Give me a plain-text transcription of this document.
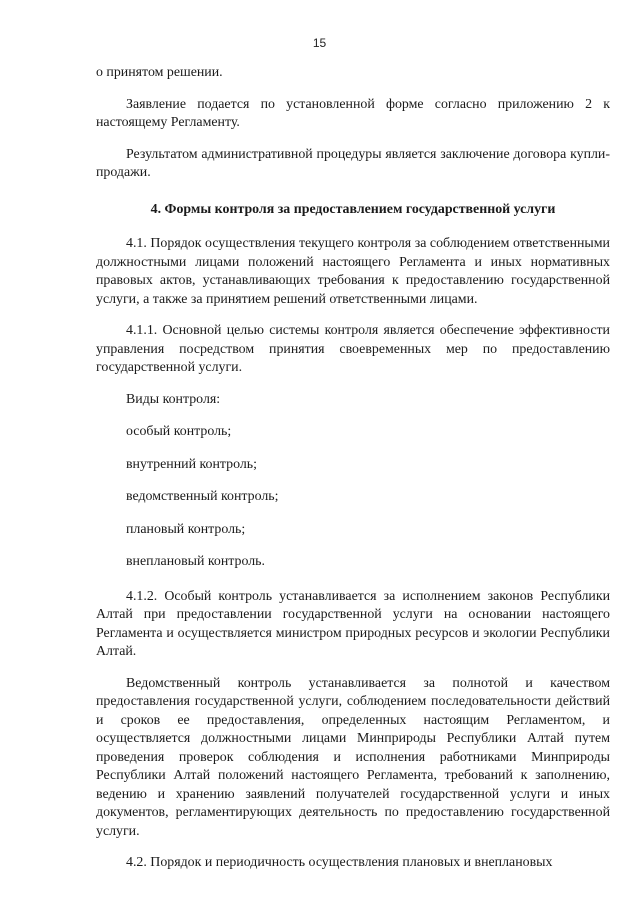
15

о принятом решении.

Заявление подается по установленной форме согласно приложению 2 к настоящему Регламенту.

Результатом административной процедуры является заключение договора купли-продажи.

4. Формы контроля за предоставлением государственной услуги

4.1. Порядок осуществления текущего контроля за соблюдением ответственными должностными лицами положений настоящего Регламента и иных нормативных правовых актов, устанавливающих требования к предоставлению государственной услуги, а также за принятием решений ответственными лицами.

4.1.1. Основной целью системы контроля является обеспечение эффективности управления посредством принятия своевременных мер по предоставлению государственной услуги.

Виды контроля:

особый контроль;

внутренний контроль;

ведомственный контроль;

плановый контроль;

внеплановый контроль.

4.1.2. Особый контроль устанавливается за исполнением законов Республики Алтай при предоставлении государственной услуги на основании настоящего Регламента и осуществляется министром природных ресурсов и экологии Республики Алтай.

Ведомственный контроль устанавливается за полнотой и качеством предоставления государственной услуги, соблюдением последовательности действий и сроков ее предоставления, определенных настоящим Регламентом, и осуществляется должностными лицами Минприроды Республики Алтай путем проведения проверок соблюдения и исполнения работниками Минприроды Республики Алтай положений настоящего Регламента, требований к заполнению, ведению и хранению заявлений получателей государственной услуги и иных документов, регламентирующих деятельность по предоставлению государственной услуги.

4.2. Порядок и периодичность осуществления плановых и внеплановых
